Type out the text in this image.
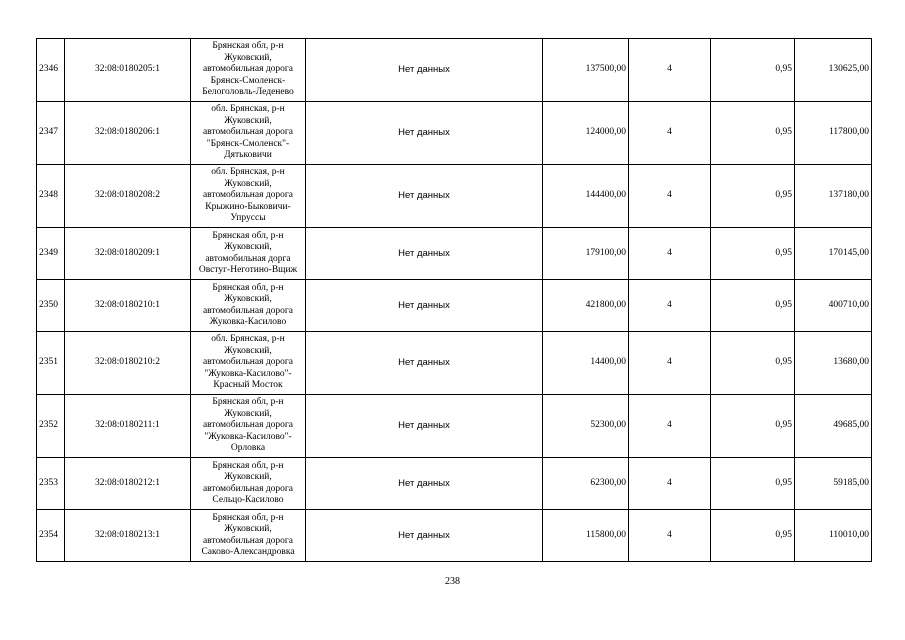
2346	32:08:0180205:1	Брянская обл, р-н
Жуковский,
автомобильная дорога
Брянск-Смоленск-
Белоголовль-Леденево	Нет данных	137500,00	4	0,95	130625,00
2347	32:08:0180206:1	обл. Брянская, р-н
Жуковский,
автомобильная дорога
"Брянск-Смоленск"-
Дятьковичи	Нет данных	124000,00	4	0,95	117800,00
2348	32:08:0180208:2	обл. Брянская, р-н
Жуковский,
автомобильная дорога
Крыжино-Быковичи-
Упруссы	Нет данных	144400,00	4	0,95	137180,00
2349	32:08:0180209:1	Брянская обл, р-н
Жуковский,
автомобильная дорга
Овстуг-Неготино-Вщиж	Нет данных	179100,00	4	0,95	170145,00
2350	32:08:0180210:1	Брянская обл, р-н
Жуковский,
автомобильная дорога
Жуковка-Касилово	Нет данных	421800,00	4	0,95	400710,00
2351	32:08:0180210:2	обл. Брянская, р-н
Жуковский,
автомобильная дорога
"Жуковка-Касилово"-
Красный Мосток	Нет данных	14400,00	4	0,95	13680,00
2352	32:08:0180211:1	Брянская обл, р-н
Жуковский,
автомобильная дорога
"Жуковка-Касилово"-
Орловка	Нет данных	52300,00	4	0,95	49685,00
2353	32:08:0180212:1	Брянская обл, р-н
Жуковский,
автомобильная дорога
Сельцо-Касилово	Нет данных	62300,00	4	0,95	59185,00
2354	32:08:0180213:1	Брянская обл, р-н
Жуковский,
автомобильная дорога
Саково-Александровка	Нет данных	115800,00	4	0,95	110010,00
238
